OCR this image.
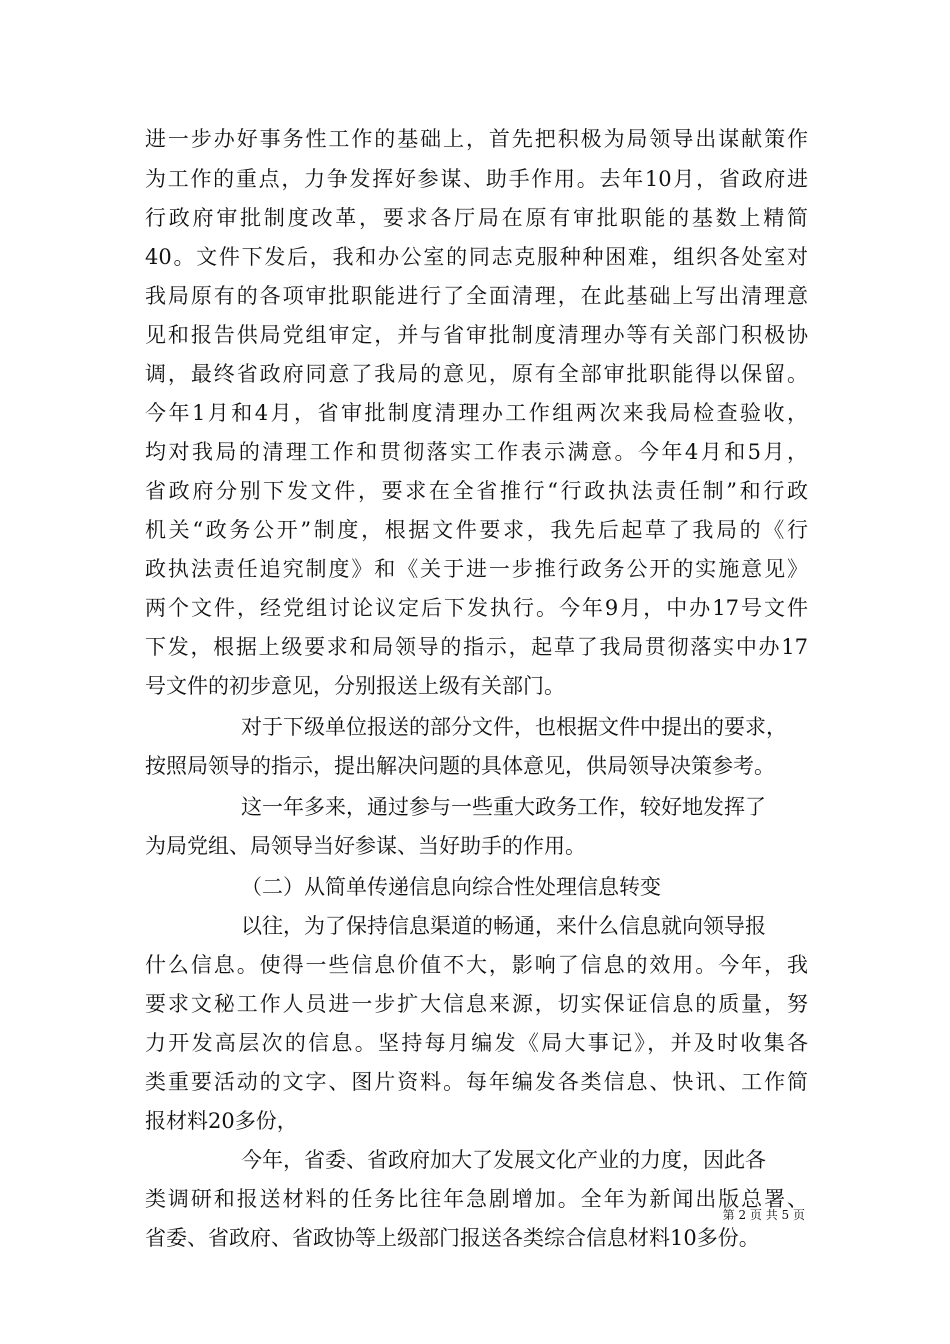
进一步办好事务性工作的基础上，首先把积极为局领导出谋献策作
为工作的重点，力争发挥好参谋、助手作用。去年10月，省政府进
行政府审批制度改革，要求各厅局在原有审批职能的基数上精简
40。文件下发后，我和办公室的同志克服种种困难，组织各处室对
我局原有的各项审批职能进行了全面清理，在此基础上写出清理意
见和报告供局党组审定，并与省审批制度清理办等有关部门积极协
调，最终省政府同意了我局的意见，原有全部审批职能得以保留。
今年1月和4月，省审批制度清理办工作组两次来我局检查验收，
均对我局的清理工作和贯彻落实工作表示满意。今年4月和5月，
省政府分别下发文件，要求在全省推行“行政执法责任制”和行政
机关“政务公开”制度，根据文件要求，我先后起草了我局的《行
政执法责任追究制度》和《关于进一步推行政务公开的实施意见》
两个文件，经党组讨论议定后下发执行。今年9月，中办17号文件
下发，根据上级要求和局领导的指示，起草了我局贯彻落实中办17
号文件的初步意见，分别报送上级有关部门。
对于下级单位报送的部分文件，也根据文件中提出的要求，
按照局领导的指示，提出解决问题的具体意见，供局领导决策参考。
这一年多来，通过参与一些重大政务工作，较好地发挥了
为局党组、局领导当好参谋、当好助手的作用。
（二）从简单传递信息向综合性处理信息转变
以往，为了保持信息渠道的畅通，来什么信息就向领导报
什么信息。使得一些信息价值不大，影响了信息的效用。今年，我
要求文秘工作人员进一步扩大信息来源，切实保证信息的质量，努
力开发高层次的信息。坚持每月编发《局大事记》，并及时收集各
类重要活动的文字、图片资料。每年编发各类信息、快讯、工作简
报材料20多份，
今年，省委、省政府加大了发展文化产业的力度，因此各
类调研和报送材料的任务比往年急剧增加。全年为新闻出版总署、
省委、省政府、省政协等上级部门报送各类综合信息材料10多份。
第 2 页 共 5 页
